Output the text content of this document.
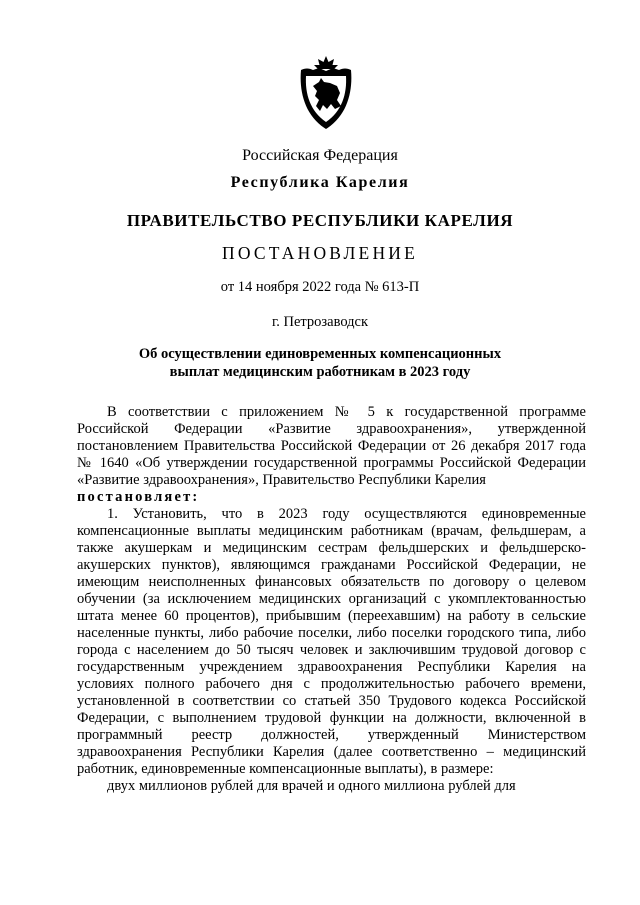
Российская Федерация
Республика Карелия
ПРАВИТЕЛЬСТВО РЕСПУБЛИКИ КАРЕЛИЯ
ПОСТАНОВЛЕНИЕ
от 14 ноября 2022 года № 613-П
г. Петрозаводск
Об осуществлении единовременных компенсационных
выплат медицинским работникам в 2023 году

В соответствии с приложением № 5 к государственной программе Российской Федерации «Развитие здравоохранения», утвержденной постановлением Правительства Российской Федерации от 26 декабря 2017 года № 1640 «Об утверждении государственной программы Российской Федерации «Развитие здравоохранения», Правительство Республики Карелия

постановляет:

1. Установить, что в 2023 году осуществляются единовременные компенсационные выплаты медицинским работникам (врачам, фельдшерам, а также акушеркам и медицинским сестрам фельдшерских и фельдшерско-акушерских пунктов), являющимся гражданами Российской Федерации, не имеющим неисполненных финансовых обязательств по договору о целевом обучении (за исключением медицинских организаций с укомплектованностью штата менее 60 процентов), прибывшим (переехавшим) на работу в сельские населенные пункты, либо рабочие поселки, либо поселки городского типа, либо города с населением до 50 тысяч человек и заключившим трудовой договор с государственным учреждением здравоохранения Республики Карелия на условиях полного рабочего дня с продолжительностью рабочего времени, установленной в соответствии со статьей 350 Трудового кодекса Российской Федерации, с выполнением трудовой функции на должности, включенной в программный реестр должностей, утвержденный Министерством здравоохранения Республики Карелия (далее соответственно – медицинский работник, единовременные компенсационные выплаты), в размере:

двух миллионов рублей для врачей и одного миллиона рублей для
